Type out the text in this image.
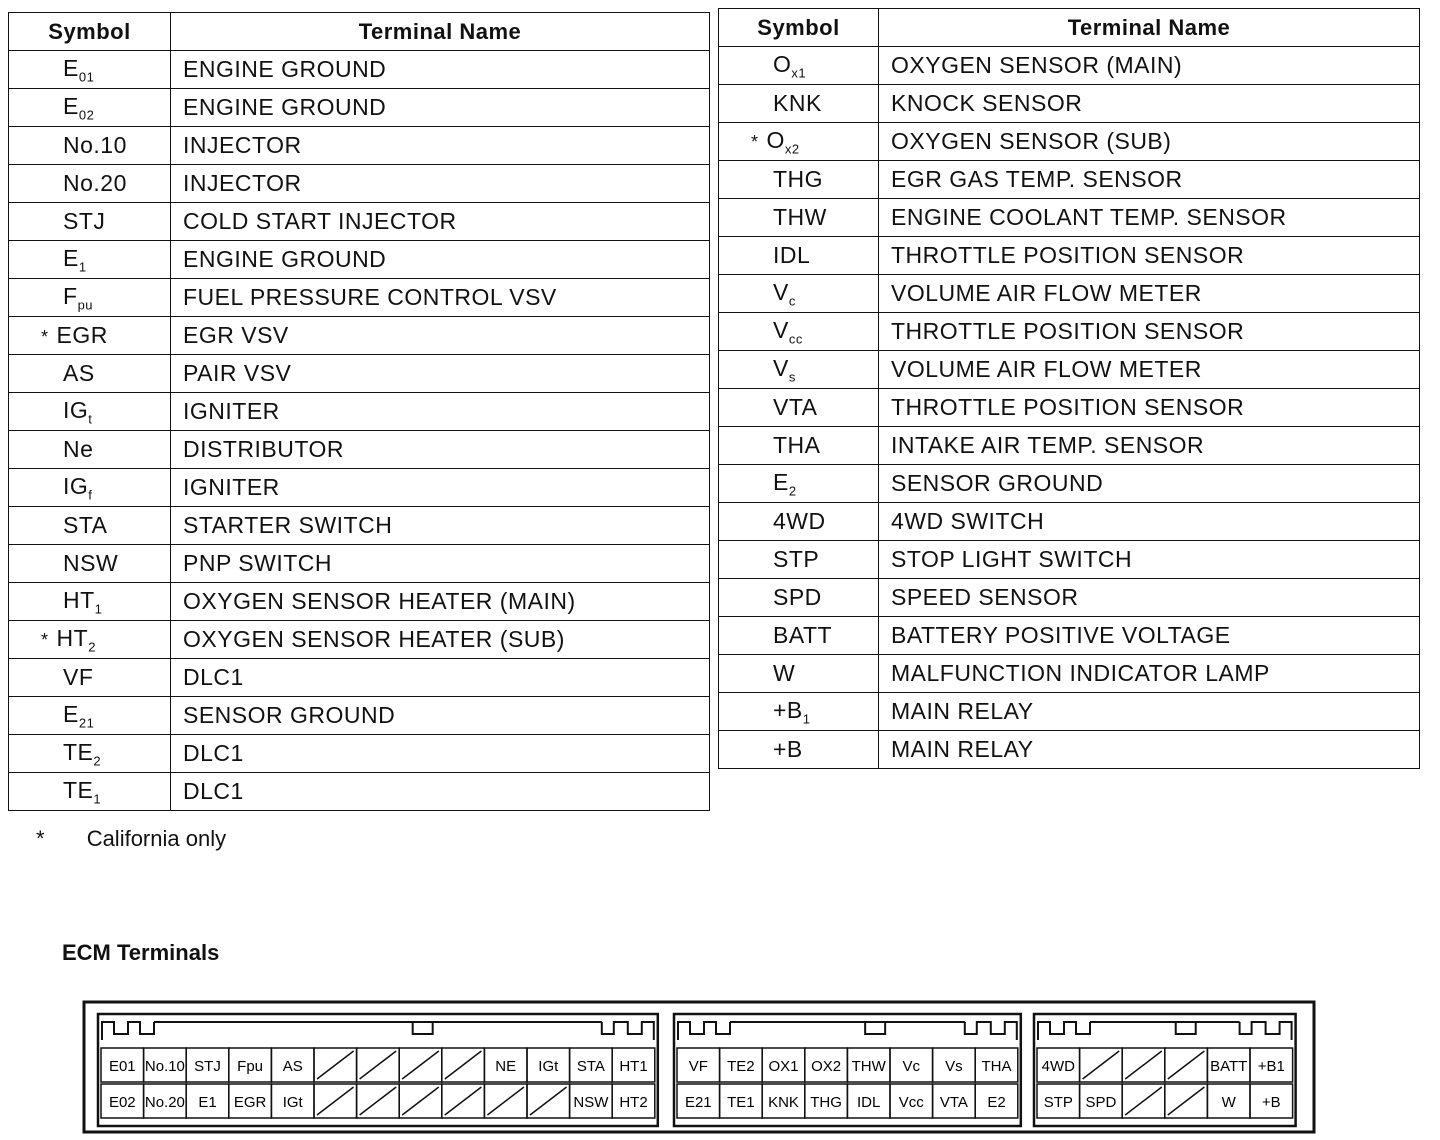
Symbol	Terminal Name
$E_{01}$	ENGINE GROUND
$E_{02}$	ENGINE GROUND
No.10	INJECTOR
No.20	INJECTOR
STJ	COLD START INJECTOR
$E_1$	ENGINE GROUND
$F_{pu}$	FUEL PRESSURE CONTROL VSV
* EGR	EGR VSV
AS	PAIR VSV
$IG_t$	IGNITER
Ne	DISTRIBUTOR
$IG_f$	IGNITER
STA	STARTER SWITCH
NSW	PNP SWITCH
$HT_1$	OXYGEN SENSOR HEATER (MAIN)
* $HT_2$	OXYGEN SENSOR HEATER (SUB)
VF	DLC1
$E_{21}$	SENSOR GROUND
$TE_2$	DLC1
$TE_1$	DLC1
Symbol	Terminal Name
$O_{x1}$	OXYGEN SENSOR (MAIN)
KNK	KNOCK SENSOR
* $O_{x2}$	OXYGEN SENSOR (SUB)
THG	EGR GAS TEMP. SENSOR
THW	ENGINE COOLANT TEMP. SENSOR
IDL	THROTTLE POSITION SENSOR
$V_c$	VOLUME AIR FLOW METER
$V_{cc}$	THROTTLE POSITION SENSOR
$V_s$	VOLUME AIR FLOW METER
VTA	THROTTLE POSITION SENSOR
THA	INTAKE AIR TEMP. SENSOR
$E_2$	SENSOR GROUND
4WD	4WD SWITCH
STP	STOP LIGHT SWITCH
SPD	SPEED SENSOR
BATT	BATTERY POSITIVE VOLTAGE
W	MALFUNCTION INDICATOR LAMP
$+B_1$	MAIN RELAY
+B	MAIN RELAY
* California only
ECM Terminals
E01 No.10 STJ Fpu AS	NE IGt STA HT1
E02 No.20 E1 EGR IGt	NSW HT2
VF TE2 OX1 OX2 THW Vc Vs THA
E21 TE1 KNK THG IDL Vcc VTA E2
4WD	BATT +B1
STP SPD	W +B
